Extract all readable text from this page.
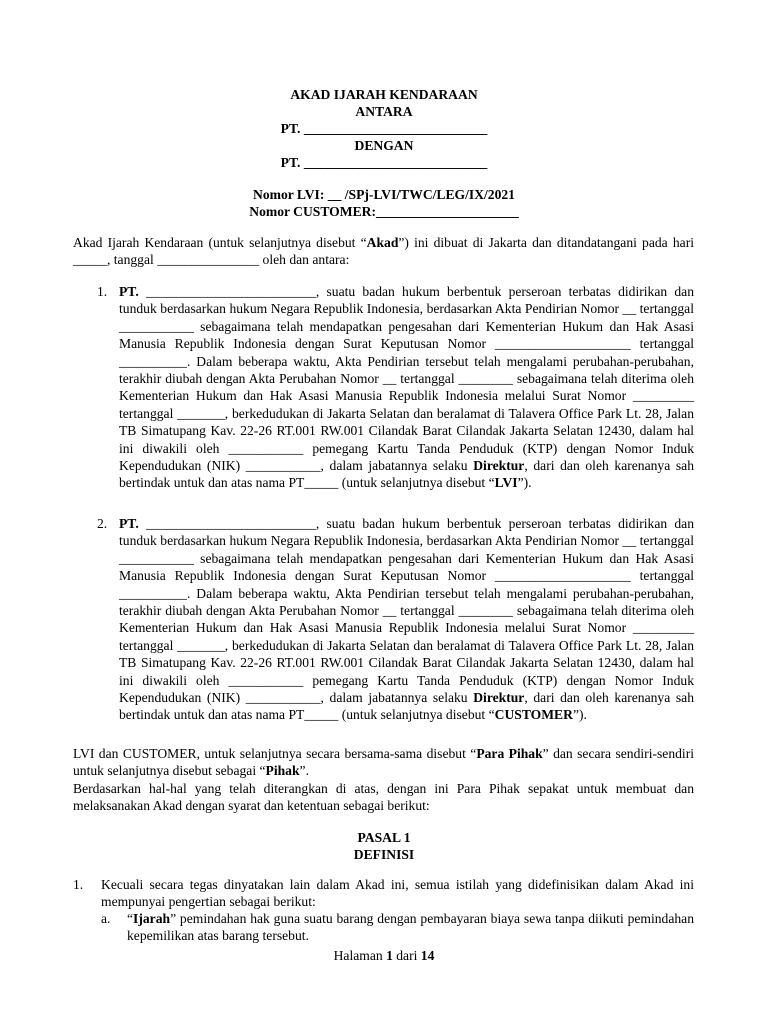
AKAD IJARAH KENDARAAN
ANTARA
PT. ___________________________
DENGAN
PT. ___________________________
Nomor LVI: __ /SPj-LVI/TWC/LEG/IX/2021
Nomor CUSTOMER:_____________________
Akad Ijarah Kendaraan (untuk selanjutnya disebut “Akad”) ini dibuat di Jakarta dan ditandatangani pada hari _____, tanggal _______________ oleh dan antara:
1. PT. _________________________, suatu badan hukum berbentuk perseroan terbatas didirikan dan tunduk berdasarkan hukum Negara Republik Indonesia, berdasarkan Akta Pendirian Nomor __ tertanggal ___________ sebagaimana telah mendapatkan pengesahan dari Kementerian Hukum dan Hak Asasi Manusia Republik Indonesia dengan Surat Keputusan Nomor ____________________ tertanggal __________. Dalam beberapa waktu, Akta Pendirian tersebut telah mengalami perubahan-perubahan, terakhir diubah dengan Akta Perubahan Nomor __ tertanggal ________ sebagaimana telah diterima oleh Kementerian Hukum dan Hak Asasi Manusia Republik Indonesia melalui Surat Nomor _________ tertanggal _______, berkedudukan di Jakarta Selatan dan beralamat di Talavera Office Park Lt. 28, Jalan TB Simatupang Kav. 22-26 RT.001 RW.001 Cilandak Barat Cilandak Jakarta Selatan 12430, dalam hal ini diwakili oleh ___________ pemegang Kartu Tanda Penduduk (KTP) dengan Nomor Induk Kependudukan (NIK) ___________, dalam jabatannya selaku Direktur, dari dan oleh karenanya sah bertindak untuk dan atas nama PT_____ (untuk selanjutnya disebut “LVI”).
2. PT. _________________________, suatu badan hukum berbentuk perseroan terbatas didirikan dan tunduk berdasarkan hukum Negara Republik Indonesia, berdasarkan Akta Pendirian Nomor __ tertanggal ___________ sebagaimana telah mendapatkan pengesahan dari Kementerian Hukum dan Hak Asasi Manusia Republik Indonesia dengan Surat Keputusan Nomor ____________________ tertanggal __________. Dalam beberapa waktu, Akta Pendirian tersebut telah mengalami perubahan-perubahan, terakhir diubah dengan Akta Perubahan Nomor __ tertanggal ________ sebagaimana telah diterima oleh Kementerian Hukum dan Hak Asasi Manusia Republik Indonesia melalui Surat Nomor _________ tertanggal _______, berkedudukan di Jakarta Selatan dan beralamat di Talavera Office Park Lt. 28, Jalan TB Simatupang Kav. 22-26 RT.001 RW.001 Cilandak Barat Cilandak Jakarta Selatan 12430, dalam hal ini diwakili oleh ___________ pemegang Kartu Tanda Penduduk (KTP) dengan Nomor Induk Kependudukan (NIK) ___________, dalam jabatannya selaku Direktur, dari dan oleh karenanya sah bertindak untuk dan atas nama PT_____ (untuk selanjutnya disebut “CUSTOMER”).
LVI dan CUSTOMER, untuk selanjutnya secara bersama-sama disebut “Para Pihak” dan secara sendiri-sendiri untuk selanjutnya disebut sebagai “Pihak”.
Berdasarkan hal-hal yang telah diterangkan di atas, dengan ini Para Pihak sepakat untuk membuat dan melaksanakan Akad dengan syarat dan ketentuan sebagai berikut:
PASAL 1
DEFINISI
1. Kecuali secara tegas dinyatakan lain dalam Akad ini, semua istilah yang didefinisikan dalam Akad ini mempunyai pengertian sebagai berikut:
a. “Ijarah” pemindahan hak guna suatu barang dengan pembayaran biaya sewa tanpa diikuti pemindahan kepemilikan atas barang tersebut.
Halaman 1 dari 14
